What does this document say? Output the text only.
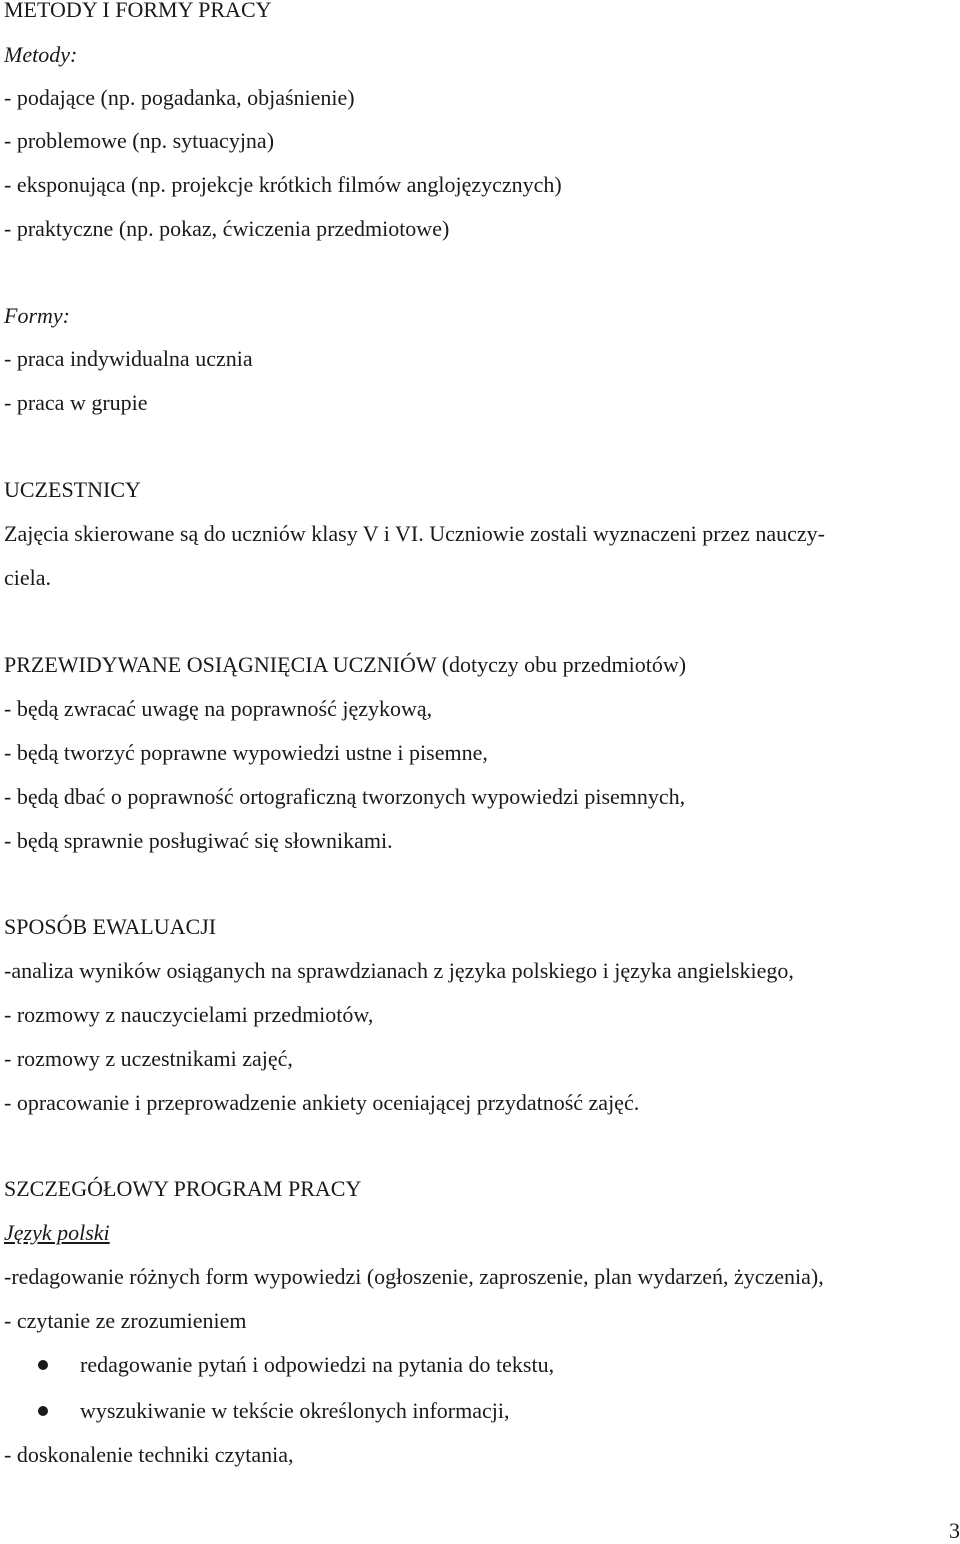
METODY I FORMY PRACY

Metody:

- podające (np. pogadanka, objaśnienie)

- problemowe (np. sytuacyjna)

- eksponująca (np. projekcje krótkich filmów anglojęzycznych)

- praktyczne (np. pokaz, ćwiczenia przedmiotowe)

Formy:

- praca indywidualna ucznia

- praca w grupie

UCZESTNICY

Zajęcia skierowane są do uczniów klasy V i VI. Uczniowie zostali wyznaczeni przez nauczy-

ciela.

PRZEWIDYWANE OSIĄGNIĘCIA UCZNIÓW (dotyczy obu przedmiotów)

- będą zwracać uwagę na poprawność językową,

- będą tworzyć poprawne wypowiedzi ustne i pisemne,

- będą dbać o poprawność ortograficzną tworzonych wypowiedzi pisemnych,

- będą sprawnie posługiwać się słownikami.

SPOSÓB EWALUACJI

-analiza wyników osiąganych na sprawdzianach z języka polskiego i języka angielskiego,

- rozmowy z nauczycielami przedmiotów,

- rozmowy z uczestnikami zajęć,

- opracowanie i przeprowadzenie ankiety oceniającej przydatność zajęć.

SZCZEGÓŁOWY PROGRAM PRACY

Język polski

-redagowanie różnych form wypowiedzi (ogłoszenie, zaproszenie, plan wydarzeń, życzenia),

- czytanie ze zrozumieniem

redagowanie pytań i odpowiedzi na pytania do tekstu,
wyszukiwanie w tekście określonych informacji,

- doskonalenie techniki czytania,

3
